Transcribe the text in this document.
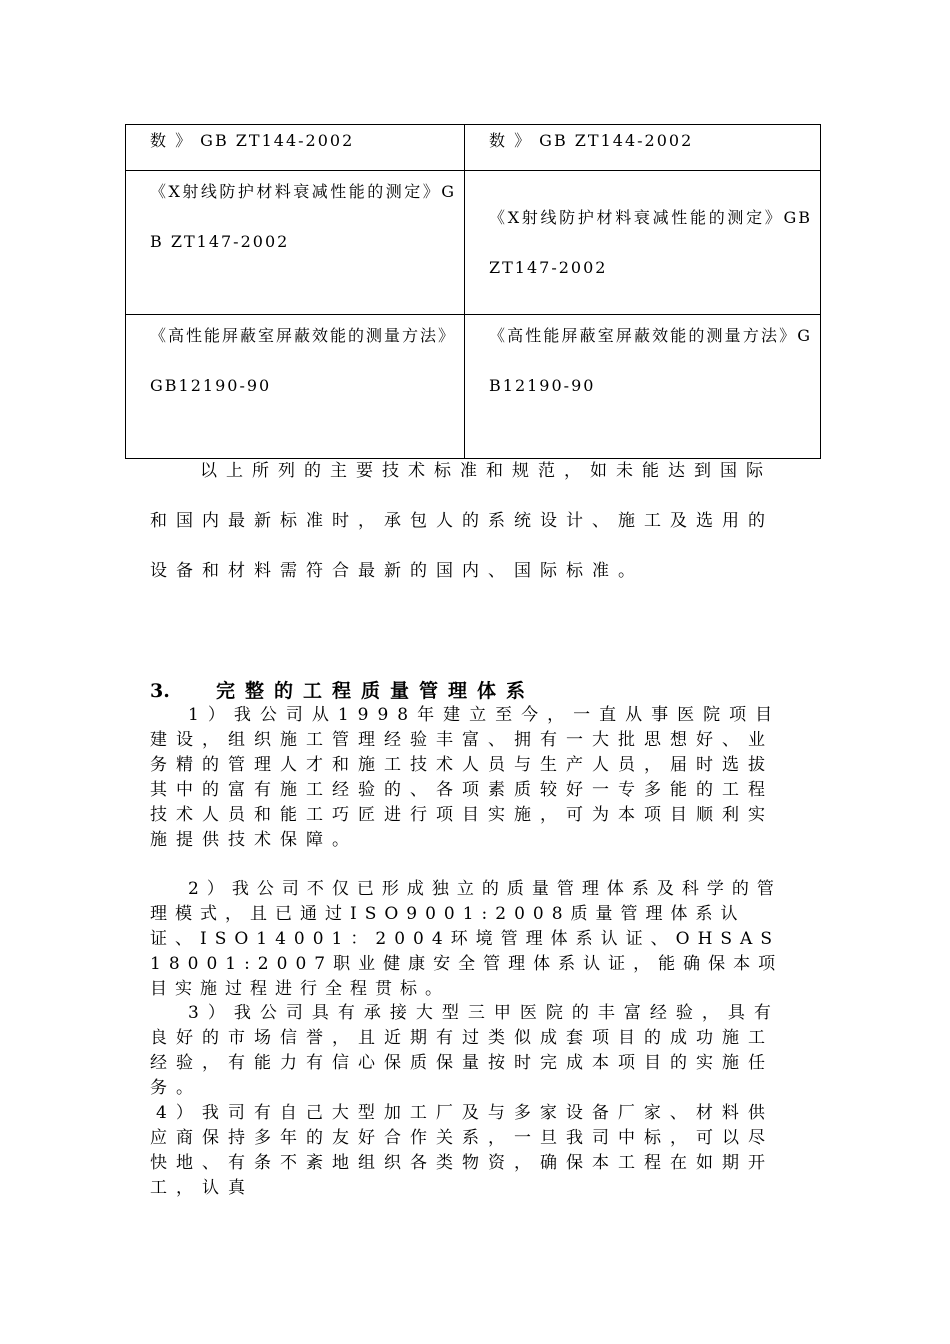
数 》 GB ZT144-2002	数 》 GB ZT144-2002

《X射线防护材料衰减性能的测定》GB ZT147-2002	《X射线防护材料衰减性能的测定》GB ZT147-2002

《高性能屏蔽室屏蔽效能的测量方法》GB12190-90	《高性能屏蔽室屏蔽效能的测量方法》GB12190-90

以上所列的主要技术标准和规范，如未能达到国际和国内最新标准时，承包人的系统设计、施工及选用的设备和材料需符合最新的国内、国际标准。

3. 完整的工程质量管理体系

1）我公司从1998年建立至今，一直从事医院项目建设，组织施工管理经验丰富、拥有一大批思想好、业务精的管理人才和施工技术人员与生产人员，届时选拔其中的富有施工经验的、各项素质较好一专多能的工程技术人员和能工巧匠进行项目实施，可为本项目顺利实施提供技术保障。

2）我公司不仅已形成独立的质量管理体系及科学的管理模式，且已通过ISO9001:2008质量管理体系认证、ISO14001：2004环境管理体系认证、OHSAS18001:2007职业健康安全管理体系认证，能确保本项目实施过程进行全程贯标。

3）我公司具有承接大型三甲医院的丰富经验，具有良好的市场信誉，且近期有过类似成套项目的成功施工经验，有能力有信心保质保量按时完成本项目的实施任务。

4）我司有自己大型加工厂及与多家设备厂家、材料供应商保持多年的友好合作关系，一旦我司中标，可以尽快地、有条不紊地组织各类物资，确保本工程在如期开工，认真
